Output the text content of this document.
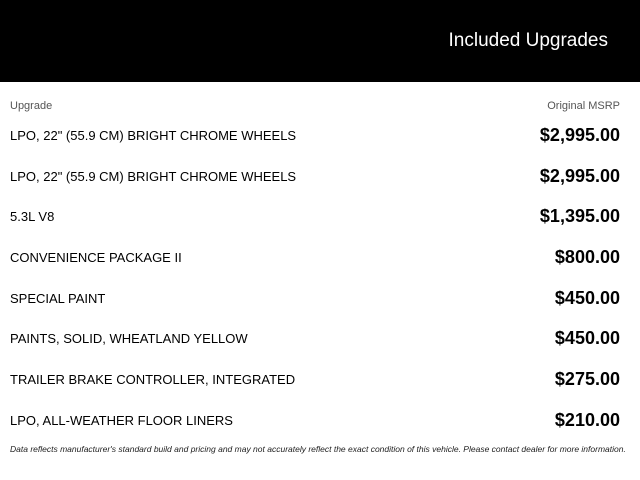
Included Upgrades
Upgrade	Original MSRP
LPO, 22" (55.9 CM) BRIGHT CHROME WHEELS	$2,995.00
LPO, 22" (55.9 CM) BRIGHT CHROME WHEELS	$2,995.00
5.3L V8	$1,395.00
CONVENIENCE PACKAGE II	$800.00
SPECIAL PAINT	$450.00
PAINTS, SOLID, WHEATLAND YELLOW	$450.00
TRAILER BRAKE CONTROLLER, INTEGRATED	$275.00
LPO, ALL-WEATHER FLOOR LINERS	$210.00
Data reflects manufacturer's standard build and pricing and may not accurately reflect the exact condition of this vehicle. Please contact dealer for more information.
